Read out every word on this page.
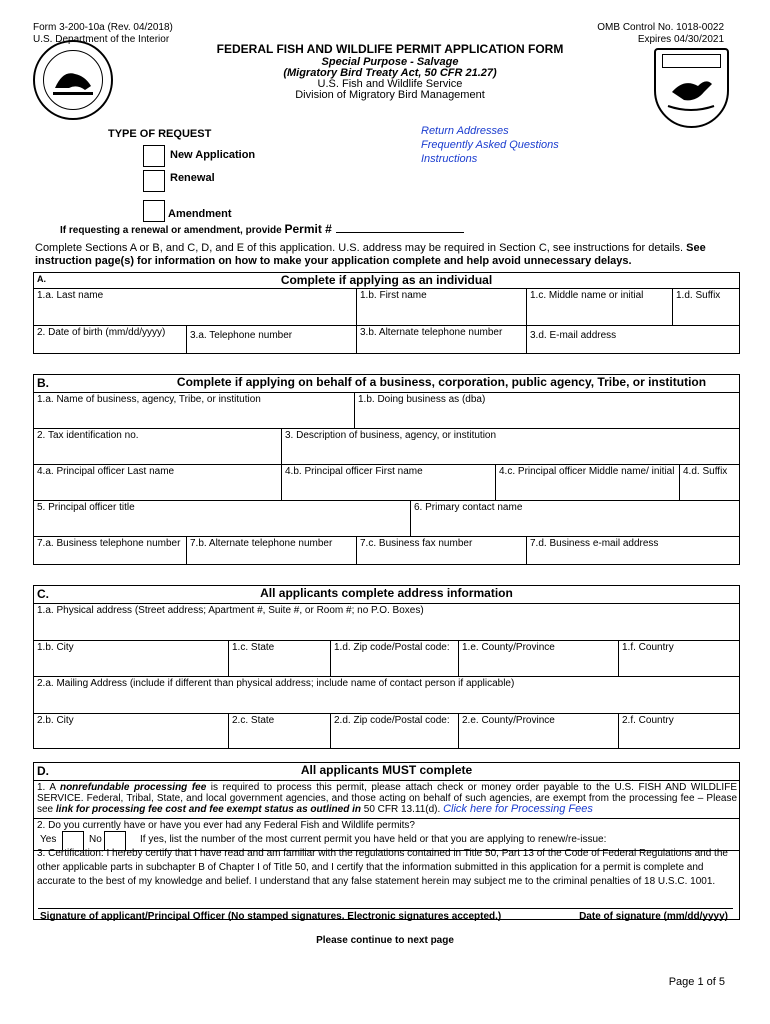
Form 3-200-10a (Rev. 04/2018)
U.S. Department of the Interior
OMB Control No. 1018-0022
Expires 04/30/2021
FEDERAL FISH AND WILDLIFE PERMIT APPLICATION FORM
Special Purpose - Salvage
(Migratory Bird Treaty Act, 50 CFR 21.27)
U.S. Fish and Wildlife Service
Division of Migratory Bird Management
Return Addresses
Frequently Asked Questions
Instructions
TYPE OF REQUEST
New Application
Renewal
Amendment
If requesting a renewal or amendment, provide Permit #
Complete Sections A or B, and C, D, and E of this application. U.S. address may be required in Section C, see instructions for details. See instruction page(s) for information on how to make your application complete and help avoid unnecessary delays.
A.	Complete if applying as an individual
1.a. Last name	1.b. First name	1.c. Middle name or initial	1.d. Suffix
2. Date of birth (mm/dd/yyyy)	3.a. Telephone number	3.b. Alternate telephone number	3.d. E-mail address
B.	Complete if applying on behalf of a business, corporation, public agency, Tribe, or institution
1.a. Name of business, agency, Tribe, or institution	1.b. Doing business as (dba)
2. Tax identification no.	3. Description of business, agency, or institution
4.a. Principal officer Last name	4.b. Principal officer First name	4.c. Principal officer Middle name/ initial 4.d. Suffix
5. Principal officer title	6. Primary contact name
7.a. Business telephone number 7.b. Alternate telephone number	7.c. Business fax number	7.d. Business e-mail address
C.	All applicants complete address information
1.a. Physical address (Street address; Apartment #, Suite #, or Room #; no P.O. Boxes)
1.b. City	1.c. State	1.d. Zip code/Postal code:	1.e. County/Province	1.f. Country
2.a. Mailing Address (include if different than physical address; include name of contact person if applicable)
2.b. City	2.c. State	2.d. Zip code/Postal code:	2.e. County/Province	2.f. Country
D.	All applicants MUST complete
1. A nonrefundable processing fee is required to process this permit, please attach check or money order payable to the U.S. FISH AND WILDLIFE SERVICE. Federal, Tribal, State, and local government agencies, and those acting on behalf of such agencies, are exempt from the processing fee – Please see link for processing fee cost and fee exempt status as outlined in 50 CFR 13.11(d). Click here for Processing Fees
2. Do you currently have or have you ever had any Federal Fish and Wildlife permits?
Yes	No	If yes, list the number of the most current permit you have held or that you are applying to renew/re-issue:
3. Certification: I hereby certify that I have read and am familiar with the regulations contained in Title 50, Part 13 of the Code of Federal Regulations and the other applicable parts in subchapter B of Chapter I of Title 50, and I certify that the information submitted in this application for a permit is complete and accurate to the best of my knowledge and belief. I understand that any false statement herein may subject me to the criminal penalties of 18 U.S.C. 1001.
Signature of applicant/Principal Officer (No stamped signatures. Electronic signatures accepted.)	Date of signature (mm/dd/yyyy)
Please continue to next page
Page 1 of 5
